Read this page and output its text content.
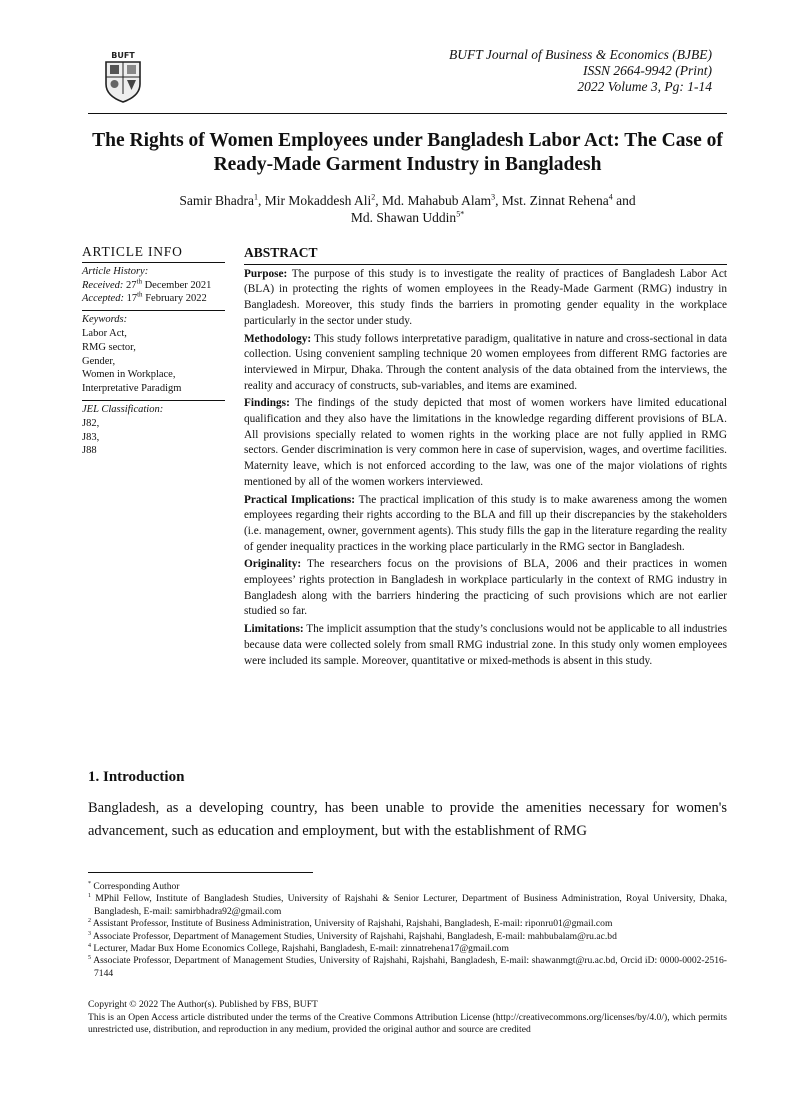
BUFT	BUFT Journal of Business & Economics (BJBE)
ISSN 2664-9942 (Print)
2022 Volume 3, Pg: 1-14
The Rights of Women Employees under Bangladesh Labor Act: The Case of Ready-Made Garment Industry in Bangladesh
Samir Bhadra$^1$, Mir Mokaddesh Ali$^2$, Md. Mahabub Alam$^3$, Mst. Zinnat Rehena$^4$ and
Md. Shawan Uddin$^{5*}$
ARTICLE INFO
Article History:
Received: 27th December 2021
Accepted: 17th February 2022
Keywords:
Labor Act,
RMG sector,
Gender,
Women in Workplace,
Interpretative Paradigm
JEL Classification:
J82,
J83,
J88
ABSTRACT

Purpose: The purpose of this study is to investigate the reality of practices of Bangladesh Labor Act (BLA) in protecting the rights of women employees in the Ready-Made Garment (RMG) industry in Bangladesh. Moreover, this study finds the barriers in promoting gender equality in the workplace particularly in the sector under study.

Methodology: This study follows interpretative paradigm, qualitative in nature and cross-sectional in data collection. Using convenient sampling technique 20 women employees from different RMG factories are interviewed in Mirpur, Dhaka. Through the content analysis of the data obtained from the interviews, the reality and accuracy of constructs, sub-variables, and items are examined.

Findings: The findings of the study depicted that most of women workers have limited educational qualification and they also have the limitations in the knowledge regarding different provisions of BLA. All provisions specially related to women rights in the working place are not fully applied in RMG sectors. Gender discrimination is very common here in case of supervision, wages, and overtime facilities. Maternity leave, which is not enforced according to the law, was one of the major violations of rights mentioned by all of the women workers interviewed.

Practical Implications: The practical implication of this study is to make awareness among the women employees regarding their rights according to the BLA and fill up their discrepancies by the stakeholders (i.e. management, owner, government agents). This study fills the gap in the literature regarding the reality of gender inequality practices in the working place particularly in the RMG sector in Bangladesh.

Originality: The researchers focus on the provisions of BLA, 2006 and their practices in women employees’ rights protection in Bangladesh in workplace particularly in the context of RMG industry in Bangladesh along with the barriers hindering the practicing of such provisions which are not earlier studied so far.

Limitations: The implicit assumption that the study’s conclusions would not be applicable to all industries because data were collected solely from small RMG industrial zone. In this study only women employees were included its sample. Moreover, quantitative or mixed-methods is absent in this study.

1. Introduction
Bangladesh, as a developing country, has been unable to provide the amenities necessary for women's advancement, such as education and employment, but with the establishment of RMG

* Corresponding Author

$^1$ MPhil Fellow, Institute of Bangladesh Studies, University of Rajshahi & Senior Lecturer, Department of Business Administration, Royal University, Dhaka, Bangladesh, E-mail: samirbhadra92@gmail.com

$^2$ Assistant Professor, Institute of Business Administration, University of Rajshahi, Rajshahi, Bangladesh, E-mail: riponru01@gmail.com

$^3$ Associate Professor, Department of Management Studies, University of Rajshahi, Rajshahi, Bangladesh, E-mail: mahbubalam@ru.ac.bd

$^4$ Lecturer, Madar Bux Home Economics College, Rajshahi, Bangladesh, E-mail: zinnatrehena17@gmail.com

$^5$ Associate Professor, Department of Management Studies, University of Rajshahi, Rajshahi, Bangladesh, E-mail: shawanmgt@ru.ac.bd, Orcid iD: 0000-0002-2516-7144

Copyright © 2022 The Author(s). Published by FBS, BUFT
This is an Open Access article distributed under the terms of the Creative Commons Attribution License (http://creativecommons.org/licenses/by/4.0/), which permits unrestricted use, distribution, and reproduction in any medium, provided the original author and source are credited
